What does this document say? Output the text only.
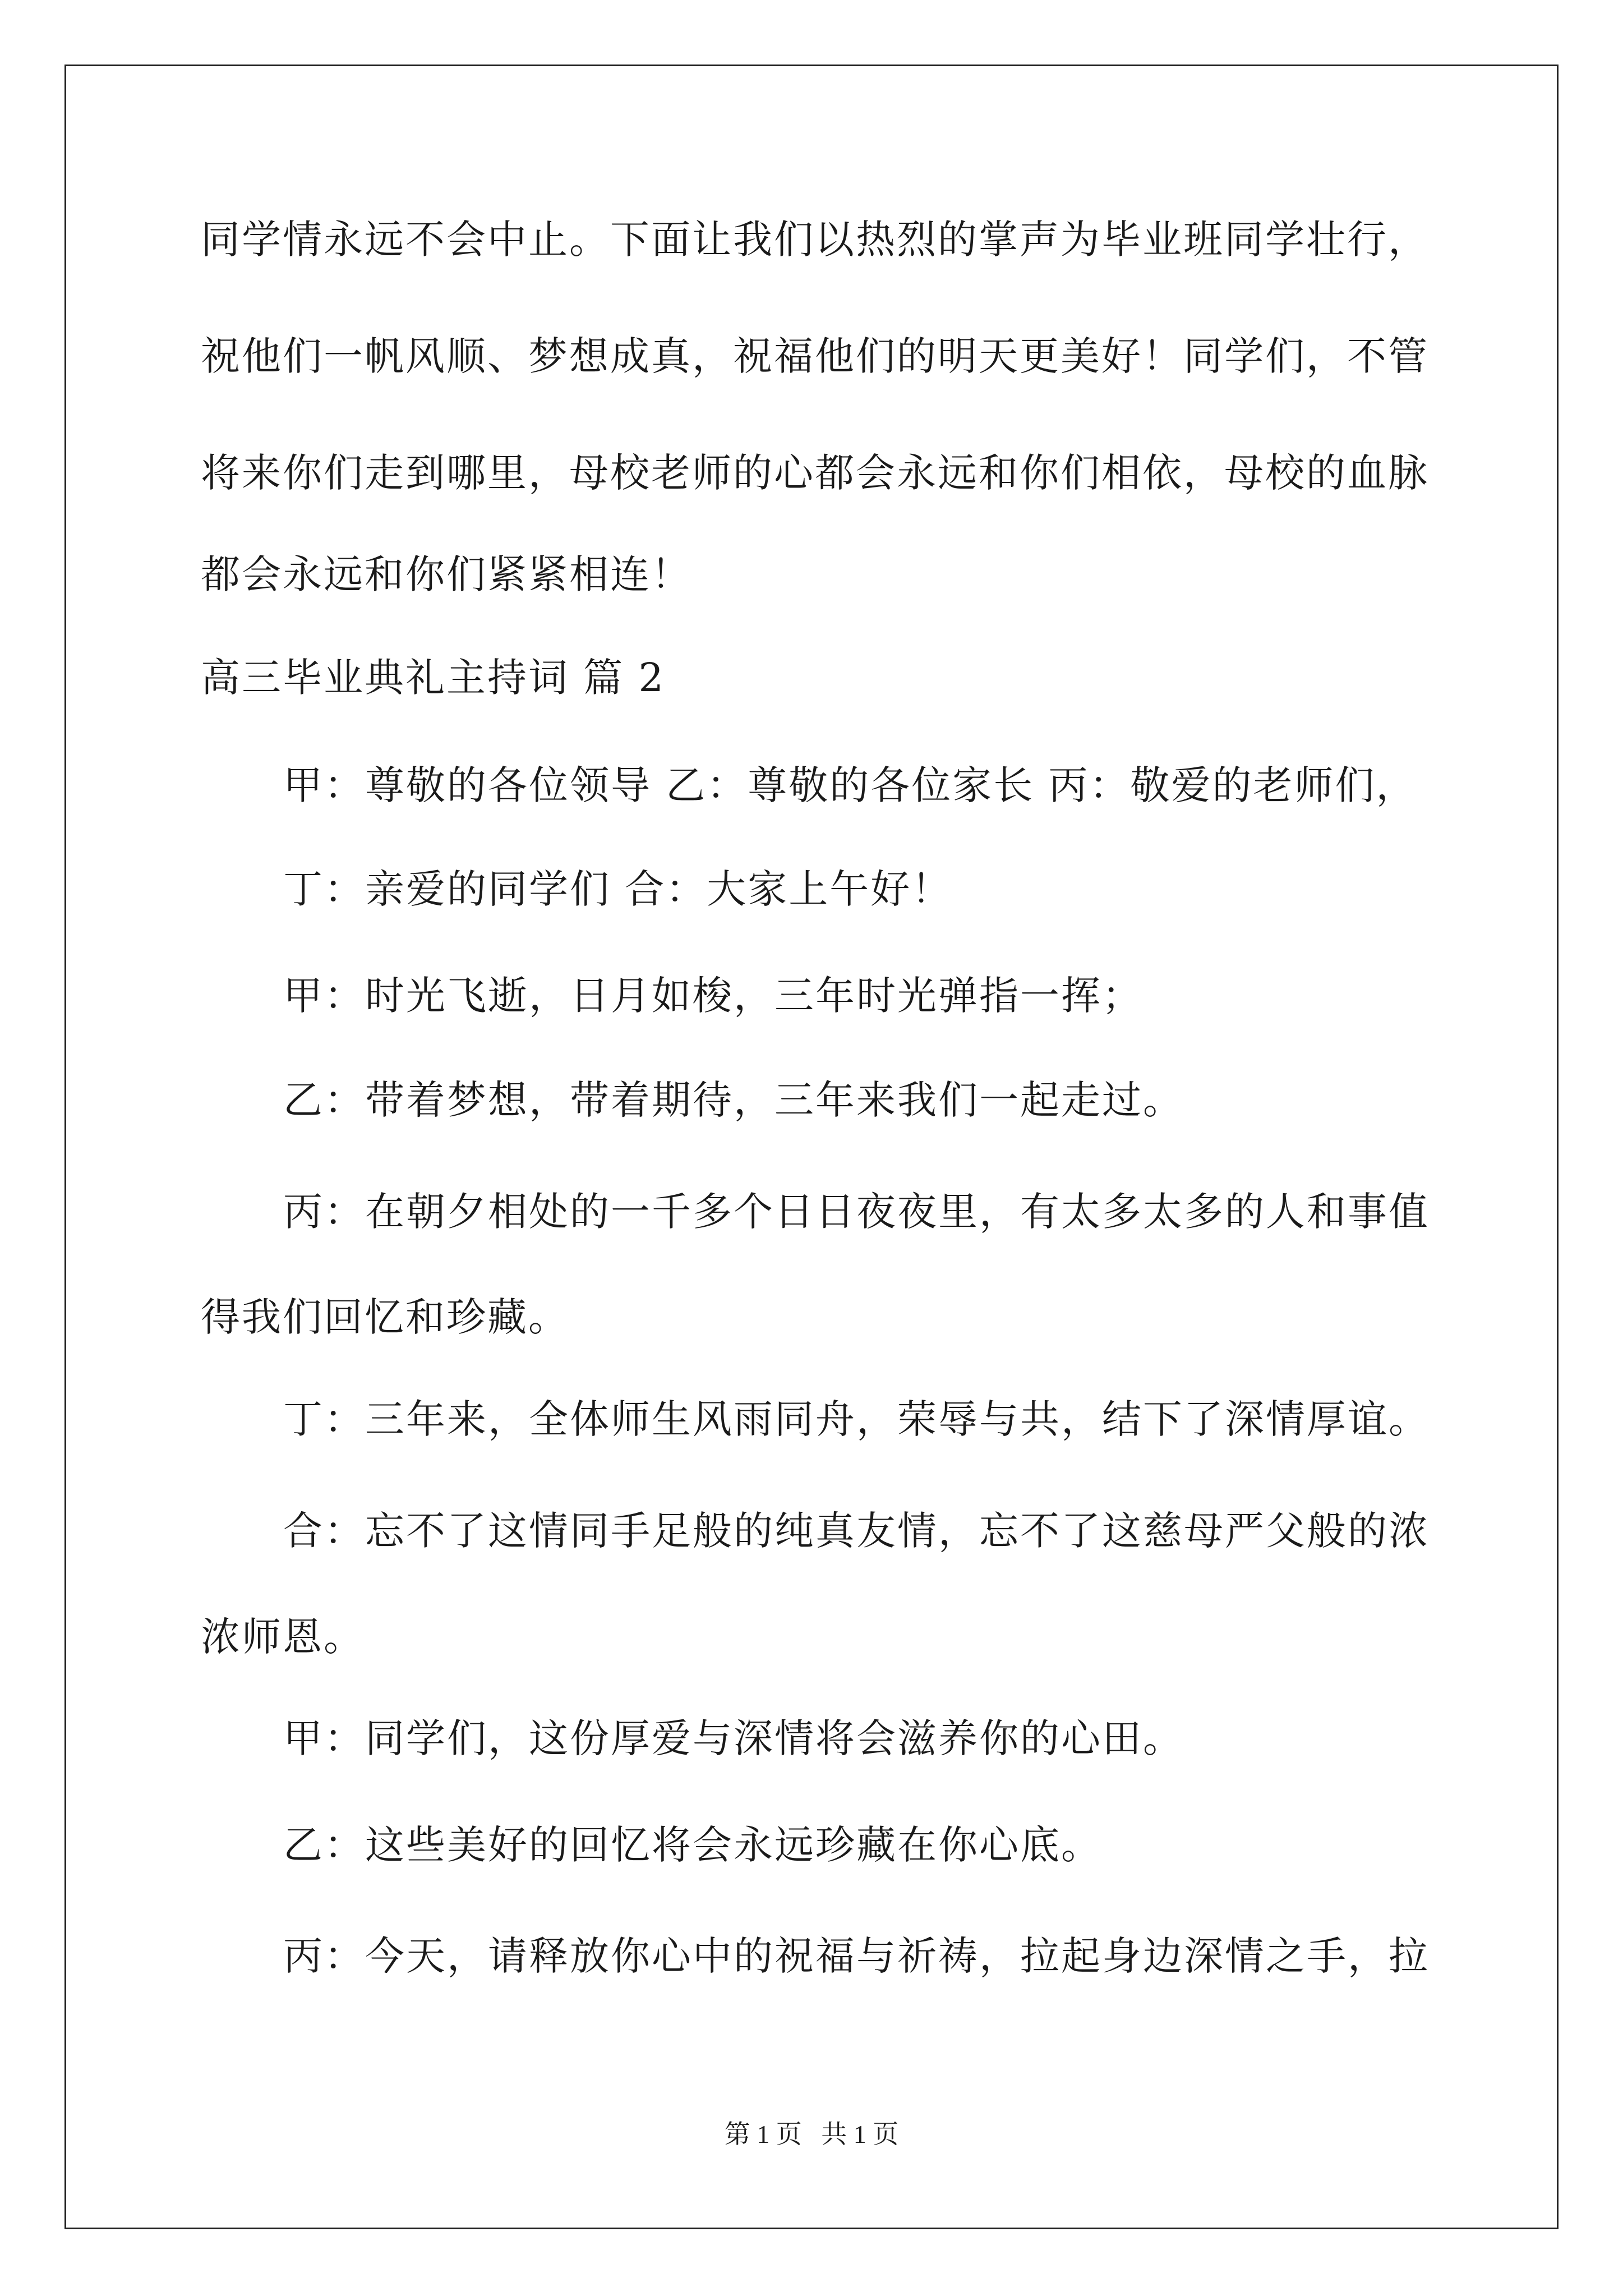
同学情永远不会中止。下面让我们以热烈的掌声为毕业班同学壮行，
祝他们一帆风顺、梦想成真，祝福他们的明天更美好！同学们，不管
将来你们走到哪里，母校老师的心都会永远和你们相依，母校的血脉
都会永远和你们紧紧相连！
高三毕业典礼主持词 篇 2
甲：尊敬的各位领导 乙：尊敬的各位家长 丙：敬爱的老师们，
丁：亲爱的同学们 合：大家上午好！
甲：时光飞逝，日月如梭，三年时光弹指一挥；
乙：带着梦想，带着期待，三年来我们一起走过。
丙：在朝夕相处的一千多个日日夜夜里，有太多太多的人和事值
得我们回忆和珍藏。
丁：三年来，全体师生风雨同舟，荣辱与共，结下了深情厚谊。
合：忘不了这情同手足般的纯真友情，忘不了这慈母严父般的浓
浓师恩。
甲：同学们，这份厚爱与深情将会滋养你的心田。
乙：这些美好的回忆将会永远珍藏在你心底。
丙：今天，请释放你心中的祝福与祈祷，拉起身边深情之手，拉
第 1 页   共 1 页
